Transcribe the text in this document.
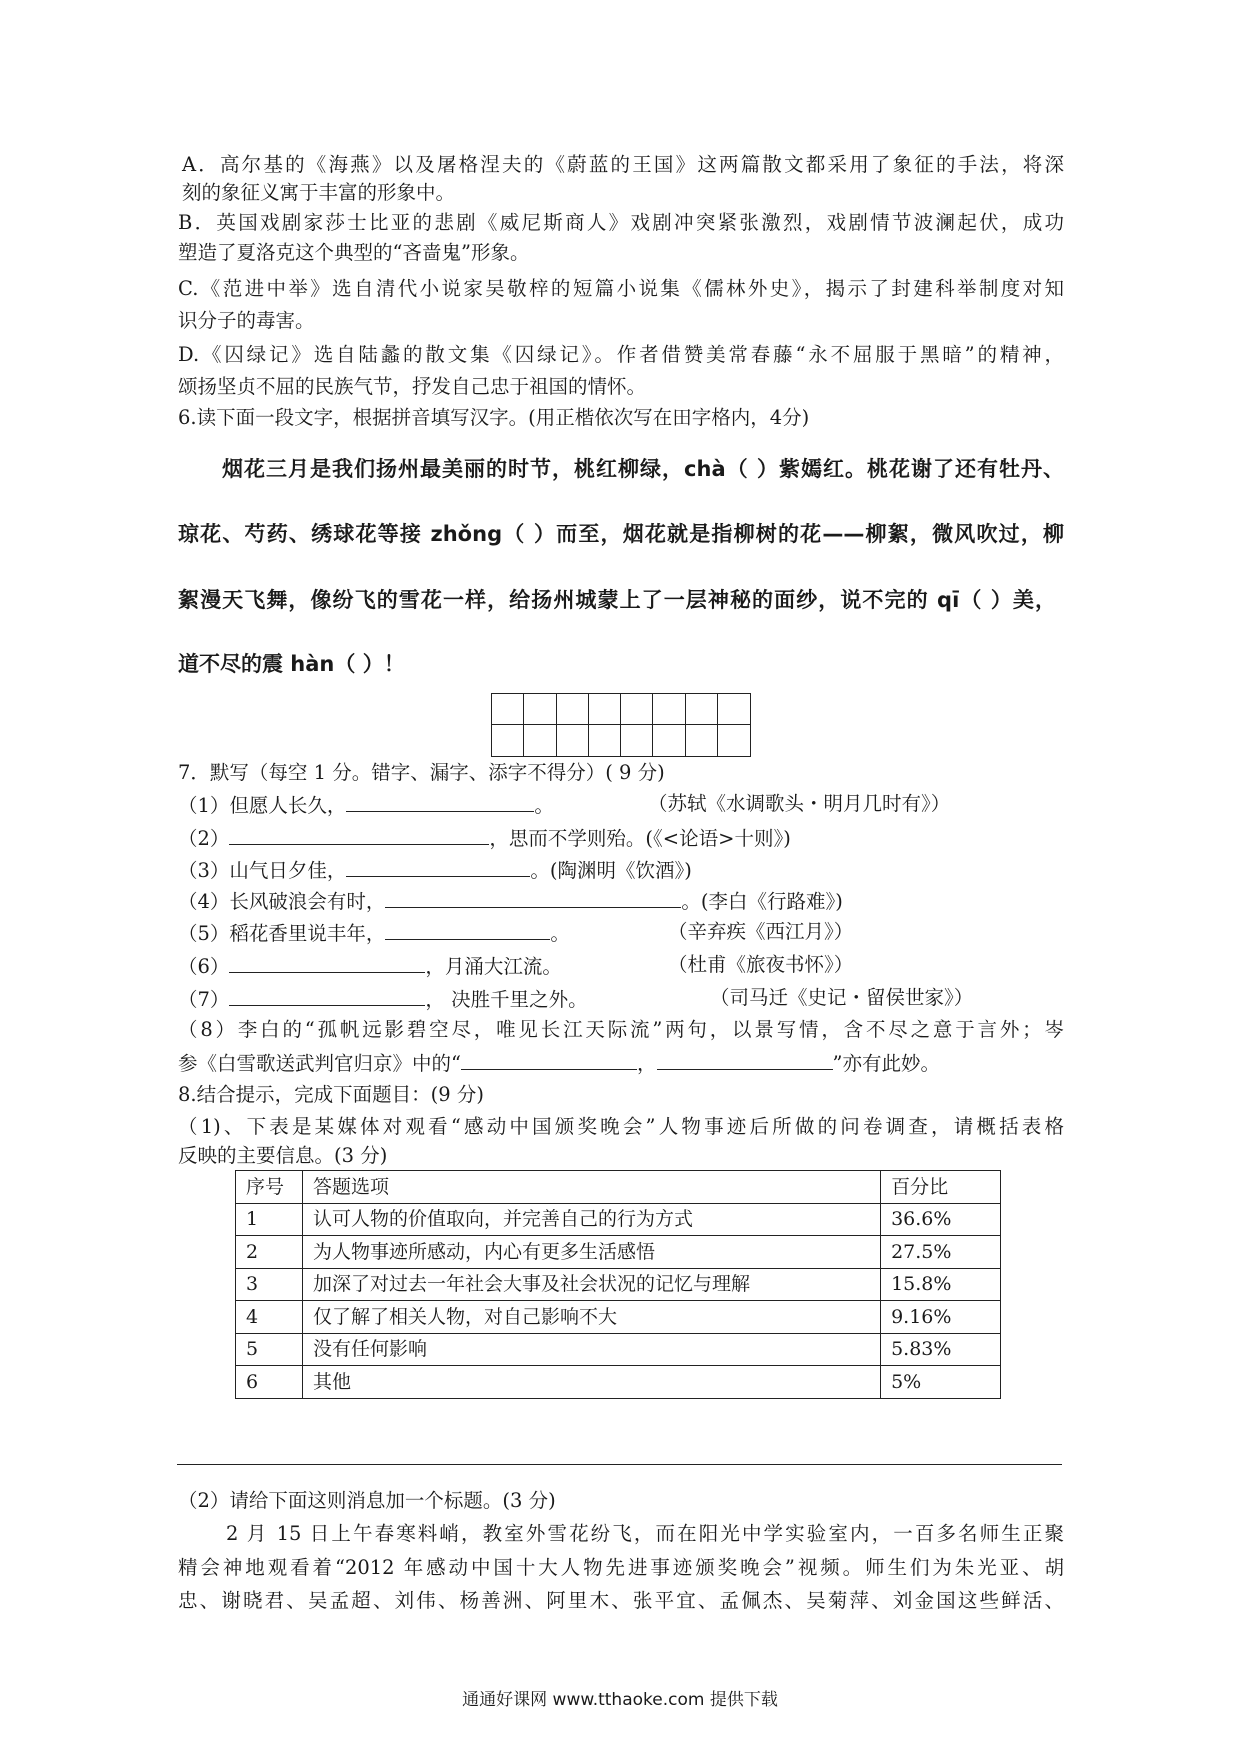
A．高尔基的《海燕》以及屠格涅夫的《蔚蓝的王国》这两篇散文都采用了象征的手法，将深
刻的象征义寓于丰富的形象中。
B．英国戏剧家莎士比亚的悲剧《威尼斯商人》戏剧冲突紧张激烈，戏剧情节波澜起伏，成功
塑造了夏洛克这个典型的“吝啬鬼”形象。
C.《范进中举》选自清代小说家吴敬梓的短篇小说集《儒林外史》，揭示了封建科举制度对知
识分子的毒害。
D.《囚绿记》选自陆蠡的散文集《囚绿记》。作者借赞美常春藤“永不屈服于黑暗”的精神，
颂扬坚贞不屈的民族气节，抒发自己忠于祖国的情怀。
6.读下面一段文字，根据拼音填写汉字。(用正楷依次写在田字格内，4分)
烟花三月是我们扬州最美丽的时节，桃红柳绿，chà（ ）紫嫣红。桃花谢了还有牡丹、
琼花、芍药、绣球花等接 zhǒng（ ）而至，烟花就是指柳树的花——柳絮，微风吹过，柳
絮漫天飞舞，像纷飞的雪花一样，给扬州城蒙上了一层神秘的面纱，说不完的 qī（ ）美，
道不尽的震 hàn（ ）！
7．默写（每空 1 分。错字、漏字、添字不得分）( 9 分)
（1）但愿人长久，	。	（苏轼《水调歌头・明月几时有》）
（2）	，思而不学则殆。(《<论语>十则》)
（3）山气日夕佳，	。(陶渊明《饮酒》)
（4）长风破浪会有时，	。(李白《行路难》)
（5）稻花香里说丰年，	。	（辛弃疾《西江月》）
（6）	，月涌大江流。	（杜甫《旅夜书怀》）
（7）	， 决胜千里之外。	（司马迁《史记・留侯世家》）
（8）李白的“孤帆远影碧空尽，唯见长江天际流”两句，以景写情，含不尽之意于言外；岑
参《白雪歌送武判官归京》中的“	，	”亦有此妙。
8.结合提示，完成下面题目：(9 分)
（1)、下表是某媒体对观看“感动中国颁奖晚会”人物事迹后所做的问卷调查，请概括表格
反映的主要信息。(3 分)
序号	答题选项	百分比
1	认可人物的价值取向，并完善自己的行为方式	36.6%
2	为人物事迹所感动，内心有更多生活感悟	27.5%
3	加深了对过去一年社会大事及社会状况的记忆与理解	15.8%
4	仅了解了相关人物，对自己影响不大	9.16%
5	没有任何影响	5.83%
6	其他	5%
（2）请给下面这则消息加一个标题。(3 分)
2 月 15 日上午春寒料峭，教室外雪花纷飞，而在阳光中学实验室内，一百多名师生正聚
精会神地观看着“2012 年感动中国十大人物先进事迹颁奖晚会”视频。师生们为朱光亚、胡
忠、谢晓君、吴孟超、刘伟、杨善洲、阿里木、张平宜、孟佩杰、吴菊萍、刘金国这些鲜活、
通通好课网 www.tthaoke.com 提供下载
